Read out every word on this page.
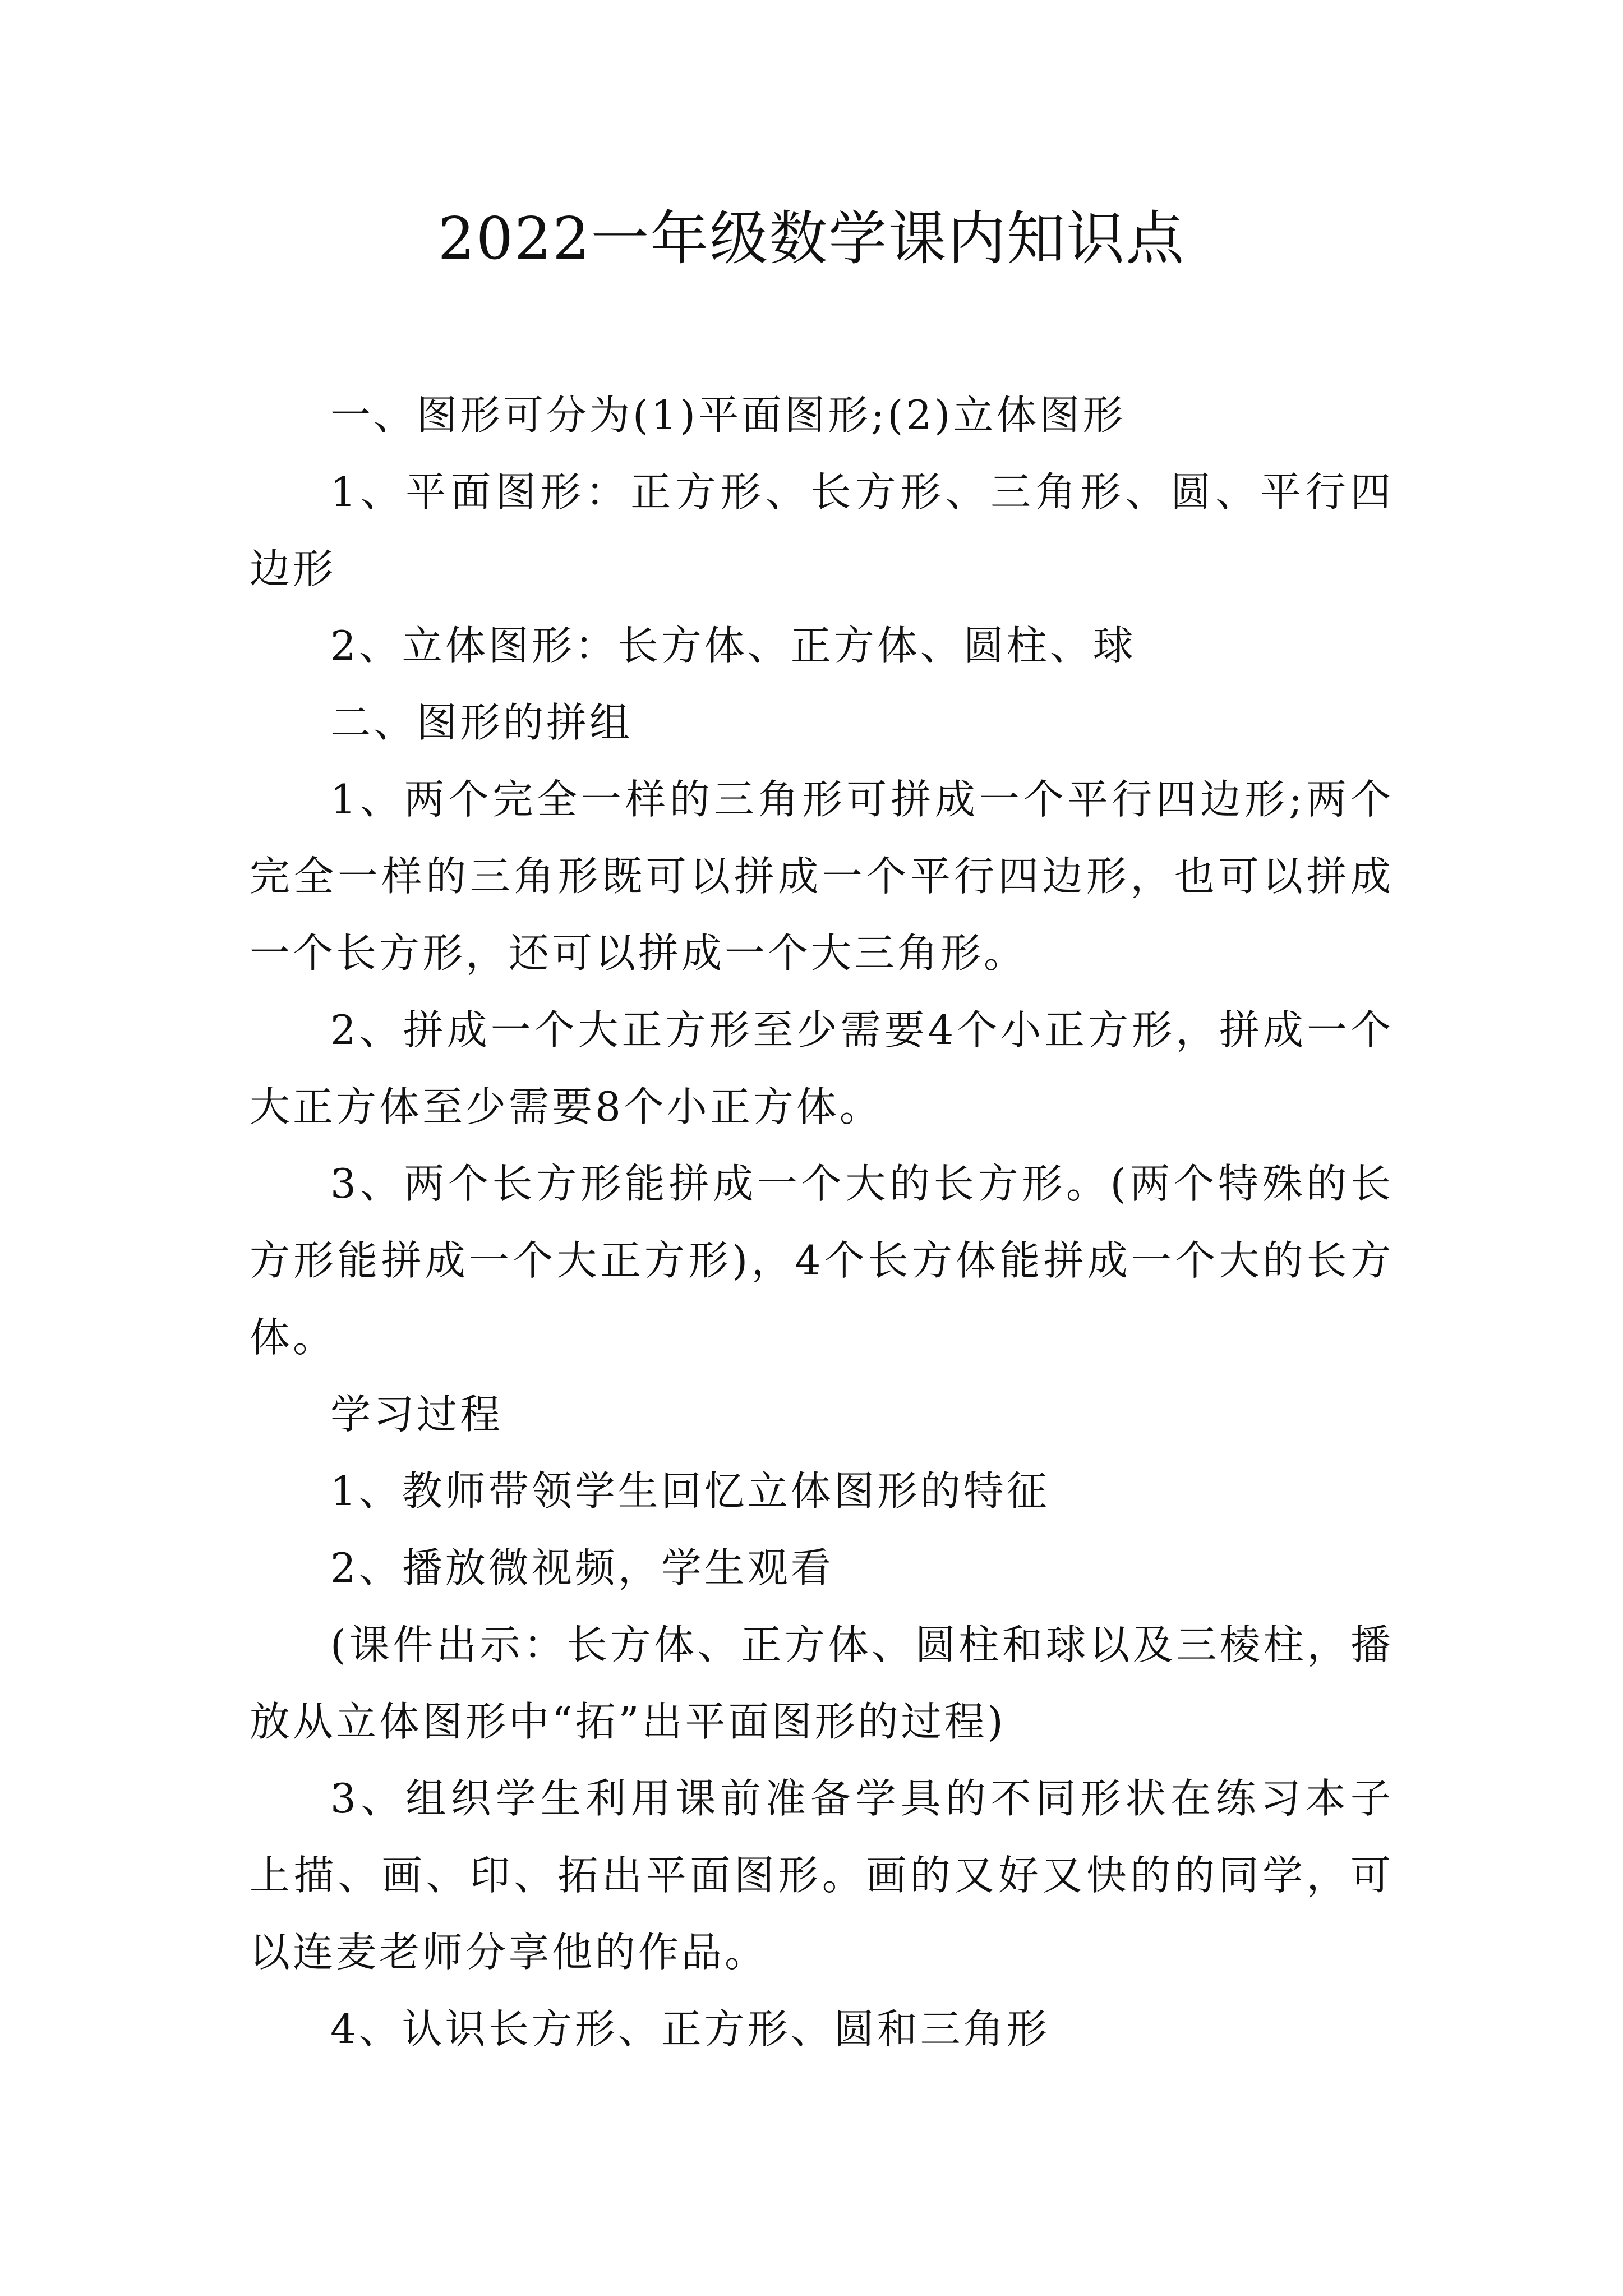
2022一年级数学课内知识点

一、图形可分为(1)平面图形;(2)立体图形

1、平面图形：正方形、长方形、三角形、圆、平行四边形

2、立体图形：长方体、正方体、圆柱、球

二、图形的拼组

1、两个完全一样的三角形可拼成一个平行四边形;两个完全一样的三角形既可以拼成一个平行四边形，也可以拼成一个长方形，还可以拼成一个大三角形。

2、拼成一个大正方形至少需要4个小正方形，拼成一个大正方体至少需要8个小正方体。

3、两个长方形能拼成一个大的长方形。(两个特殊的长方形能拼成一个大正方形)，4个长方体能拼成一个大的长方体。

学习过程

1、教师带领学生回忆立体图形的特征

2、播放微视频，学生观看

(课件出示：长方体、正方体、圆柱和球以及三棱柱，播放从立体图形中“拓”出平面图形的过程)

3、组织学生利用课前准备学具的不同形状在练习本子上描、画、印、拓出平面图形。画的又好又快的的同学，可以连麦老师分享他的作品。

4、认识长方形、正方形、圆和三角形
